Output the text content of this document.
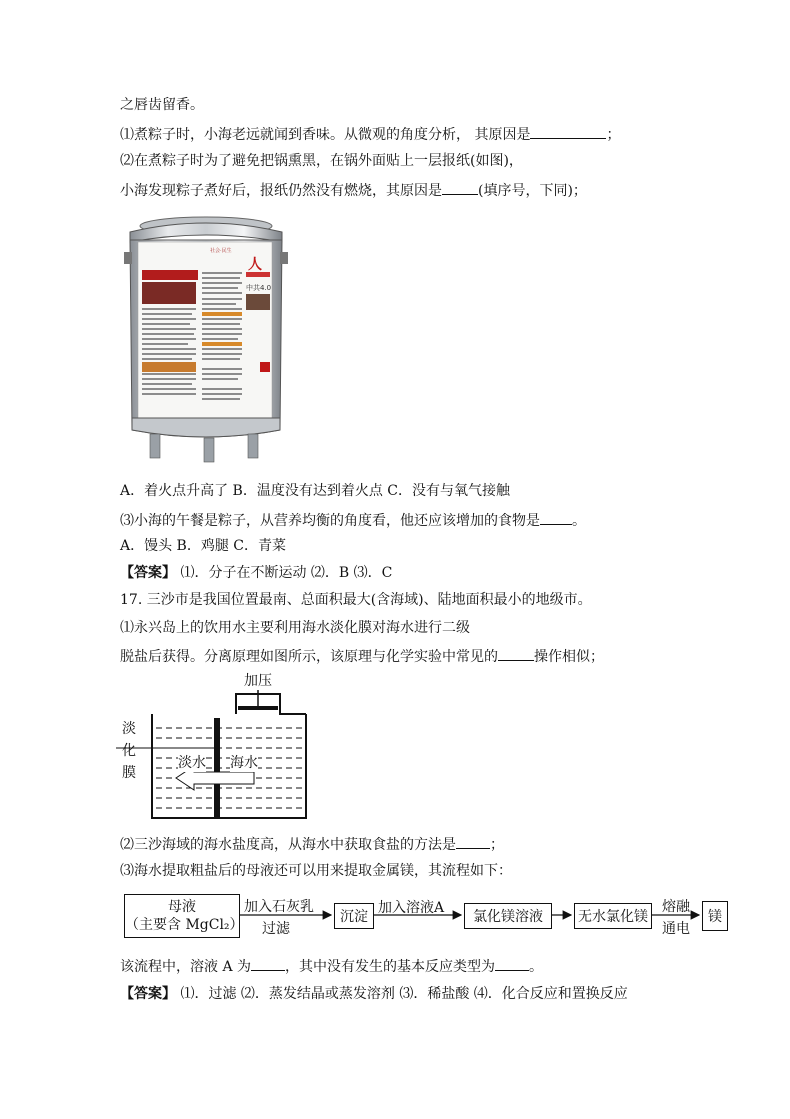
之唇齿留香。
⑴煮粽子时，小海老远就闻到香味。从微观的角度分析， 其原因是	；
⑵在煮粽子时为了避免把锅熏黑，在锅外面贴上一层报纸(如图)，
小海发现粽子煮好后，报纸仍然没有燃烧，其原因是	(填序号，下同)；
人
社会·民生
中共4.0
A．着火点升高了 B．温度没有达到着火点 C．没有与氧气接触
⑶小海的午餐是粽子，从营养均衡的角度看，他还应该增加的食物是 。
A．馒头 B．鸡腿 C．青菜
【答案】 ⑴．分子在不断运动 ⑵．B ⑶．C
17. 三沙市是我国位置最南、总面积最大(含海域)、陆地面积最小的地级市。
⑴永兴岛上的饮用水主要利用海水淡化膜对海水进行二级
脱盐后获得。分离原理如图所示，该原理与化学实验中常见的	操作相似；
加压
淡
化
膜
淡水 海水
⑵三沙海域的海水盐度高，从海水中获取食盐的方法是 ；
⑶海水提取粗盐后的母液还可以用来提取金属镁，其流程如下：
母液
（主要含 MgCl₂）
加入石灰乳
过滤
沉淀
加入溶液A
氯化镁溶液	无水氯化镁
熔融
通电
镁
该流程中，溶液 A 为 ，其中没有发生的基本反应类型为 。
【答案】 ⑴．过滤 ⑵．蒸发结晶或蒸发溶剂 ⑶．稀盐酸 ⑷．化合反应和置换反应
